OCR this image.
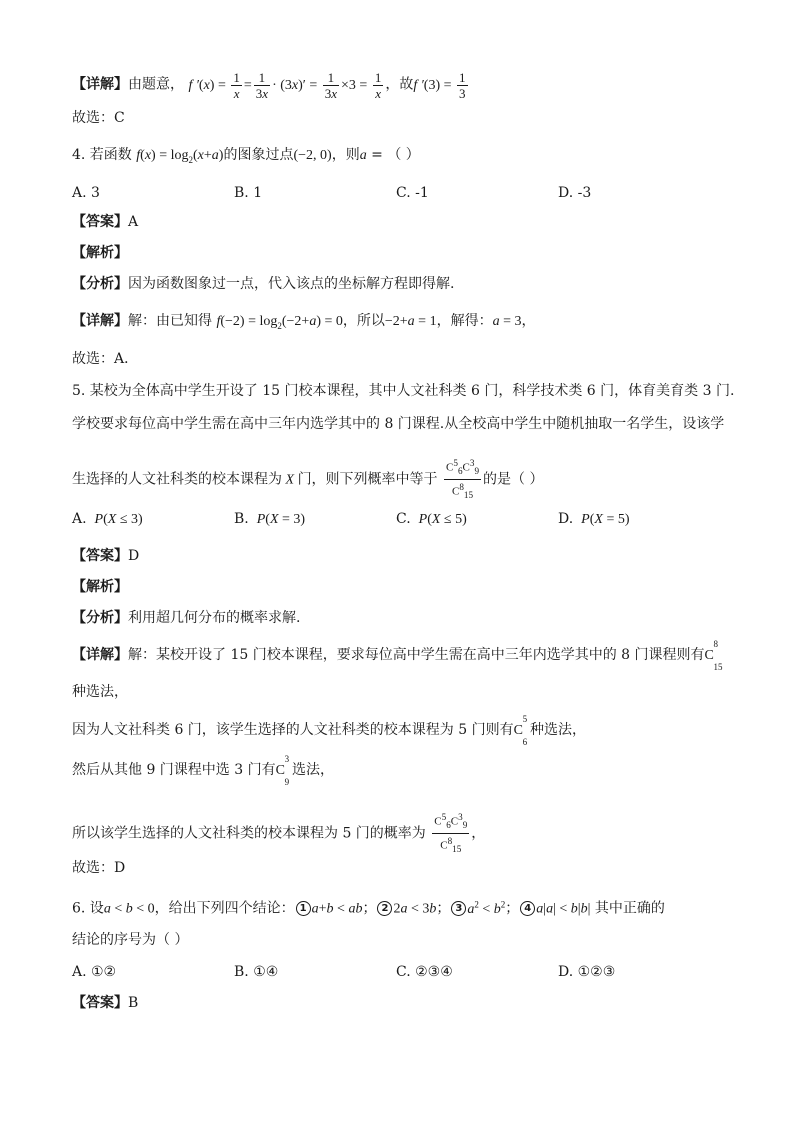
【详解】由题意， f $'(x) = \frac{1}{x} = \frac{1}{3x} \cdot (3x)' = \frac{1}{3x} \times 3 = \frac{1}{x}$ ，故f $'(3) = \frac{1}{3}$
故选：C
4. 若函数 $f(x) = \log_2(x+a)$的图象过点(−2, 0)，则a = （ ）
A. 3	B. 1	C. -1	D. -3
【答案】A
【解析】
【分析】因为函数图象过一点，代入该点的坐标解方程即得解.
【详解】解：由已知得 $f(-2) = \log_2(-2+a) = 0$，所以−2+a = 1，解得：a = 3，
故选：A．
5. 某校为全体高中学生开设了 15 门校本课程，其中人文社科类 6 门，科学技术类 6 门，体育美育类 3 门.
学校要求每位高中学生需在高中三年内选学其中的 8 门课程.从全校高中学生中随机抽取一名学生，设该学
生选择的人文社科类的校本课程为 X 门，则下列概率中等于 $\frac{C^5_6C^3_9}{C^8_{15}}$ 的是（ ）
A.  P(X ≤ 3)	B.  P(X = 3)	C.  P(X ≤ 5)	D.  P(X = 5)
【答案】D
【解析】
【分析】利用超几何分布的概率求解.
【详解】解：某校开设了 15 门校本课程，要求每位高中学生需在高中三年内选学其中的 8 门课程则有C
8
15
种选法，
因为人文社科类 6 门，该学生选择的人文社科类的校本课程为 5 门则有C
5
6
种选法，
然后从其他 9 门课程中选 3 门有C
3
9
选法，
所以该学生选择的人文社科类的校本课程为 5 门的概率为 $\frac{C^5_6C^3_9}{C^8_{15}}$ ，
故选：D
6. 设a < b < 0，给出下列四个结论： 1 a+b < ab； 2 2a < 3b； 3 $a^2 < b^2$； 4 a|a| < b|b| 其中正确的
结论的序号为（ ）
A. ①②	B. ①④	C. ②③④	D. ①②③
【答案】B
